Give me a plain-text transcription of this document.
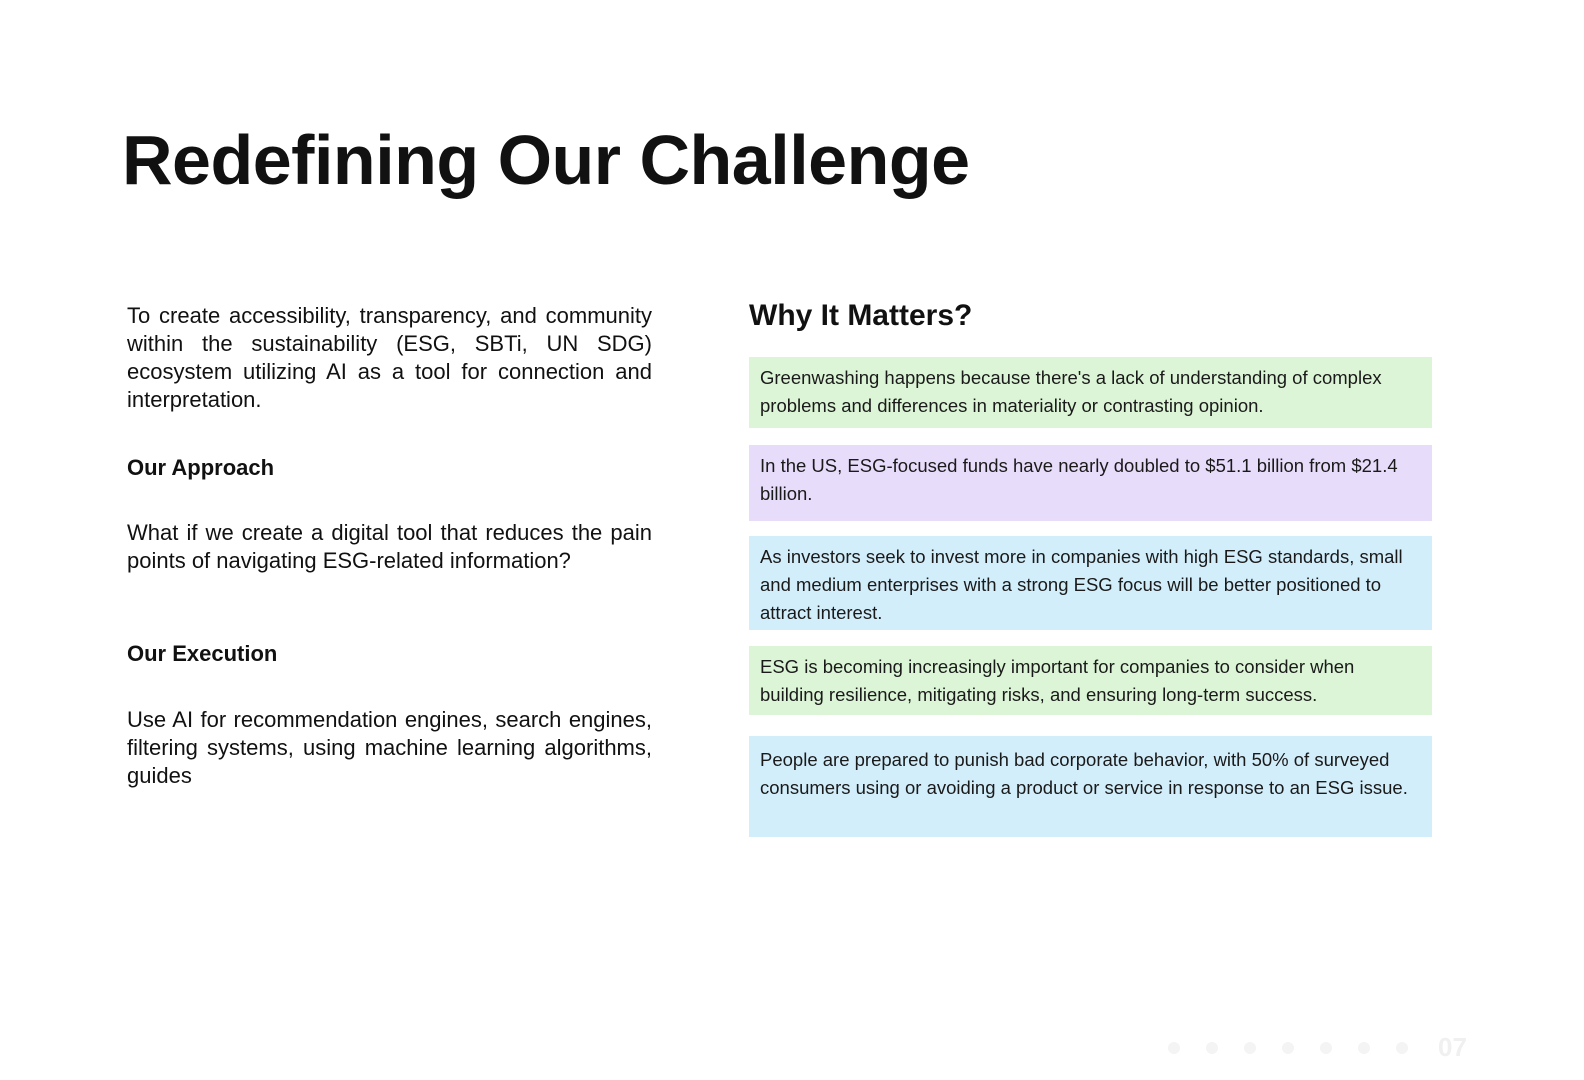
Redefining Our Challenge

To create accessibility, transparency, and community within the sustainability (ESG, SBTi, UN SDG) ecosystem utilizing AI as a tool for connection and interpretation.

Our Approach

What if we create a digital tool that reduces the pain points of navigating ESG-related information?

Our Execution

Use AI for recommendation engines, search engines, filtering systems, using machine learning algorithms, guides

Why It Matters?
Greenwashing happens because there's a lack of understanding of complex problems and differences in materiality or contrasting opinion.
In the US, ESG-focused funds have nearly doubled to $51.1 billion from $21.4 billion.
As investors seek to invest more in companies with high ESG standards, small and medium enterprises with a strong ESG focus will be better positioned to attract interest.
ESG is becoming increasingly important for companies to consider when building resilience, mitigating risks, and ensuring long-term success.
People are prepared to punish bad corporate behavior, with 50% of surveyed consumers using or avoiding a product or service in response to an ESG issue.
07
